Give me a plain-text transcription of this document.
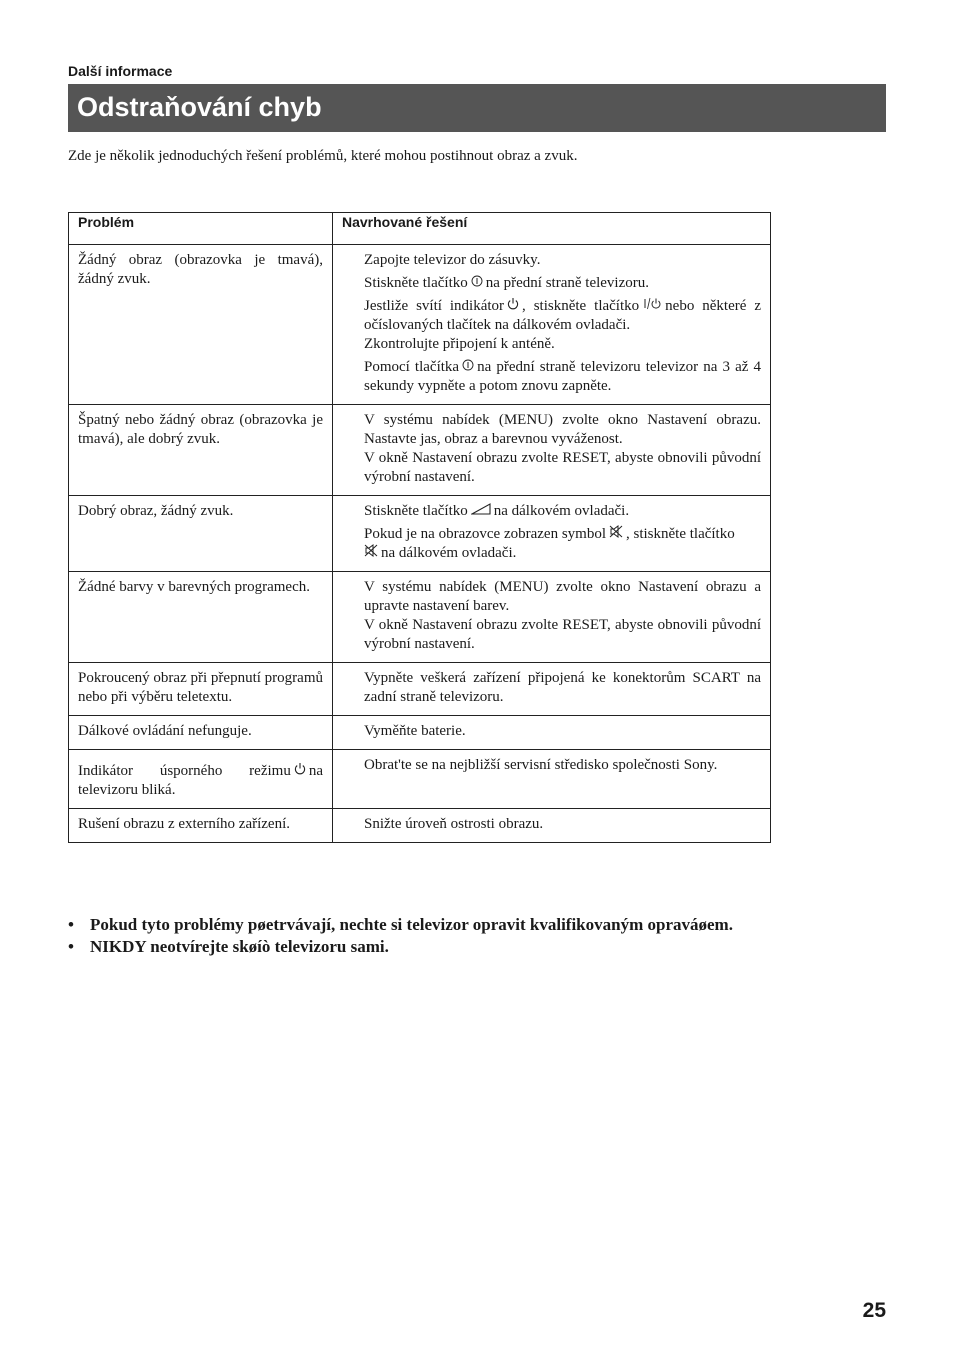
Další informace
Odstraňování chyb
Zde je několik jednoduchých řešení problémů, které mohou postihnout obraz a zvuk.
Problém	Navrhované řešení
Žádný obraz (obrazovka je tmavá), žádný zvuk.	Zapojte televizor do zásuvky.

Stiskněte tlačítko na přední straně televizoru.

Jestliže svítí indikátor , stiskněte tlačítko nebo některé z očíslovaných tlačítek na dálkovém ovladači.

Zkontrolujte připojení k anténě.

Pomocí tlačítka na přední straně televizoru televizor na 3 až 4 sekundy vypněte a potom znovu zapněte.

Špatný nebo žádný obraz (obrazovka je tmavá), ale dobrý zvuk.	V systému nabídek (MENU) zvolte okno Nastavení obrazu. Nastavte jas, obraz a barevnou vyváženost.

V okně Nastavení obrazu zvolte RESET, abyste obnovili původní výrobní nastavení.

Dobrý obraz, žádný zvuk.	Stiskněte tlačítko na dálkovém ovladači.

Pokud je na obrazovce zobrazen symbol , stiskněte tlačítko

na dálkovém ovladači.

Žádné barvy v barevných programech.	V systému nabídek (MENU) zvolte okno Nastavení obrazu a upravte nastavení barev.

V okně Nastavení obrazu zvolte RESET, abyste obnovili původní výrobní nastavení.

Pokroucený obraz při přepnutí programů nebo při výběru teletextu.	Vypněte veškerá zařízení připojená ke konektorům SCART na zadní straně televizoru.

Dálkové ovládání nefunguje.	Vyměňte baterie.

Indikátor úsporného režimu na televizoru bliká.	Obrat'te se na nejbližší servisní středisko společnosti Sony.

Rušení obrazu z externího zařízení.	Snižte úroveň ostrosti obrazu.

• Pokud tyto problémy pøetrvávají, nechte si televizor opravit kvalifikovaným opraváøem.
• NIKDY neotvírejte skøíò televizoru sami.
25
